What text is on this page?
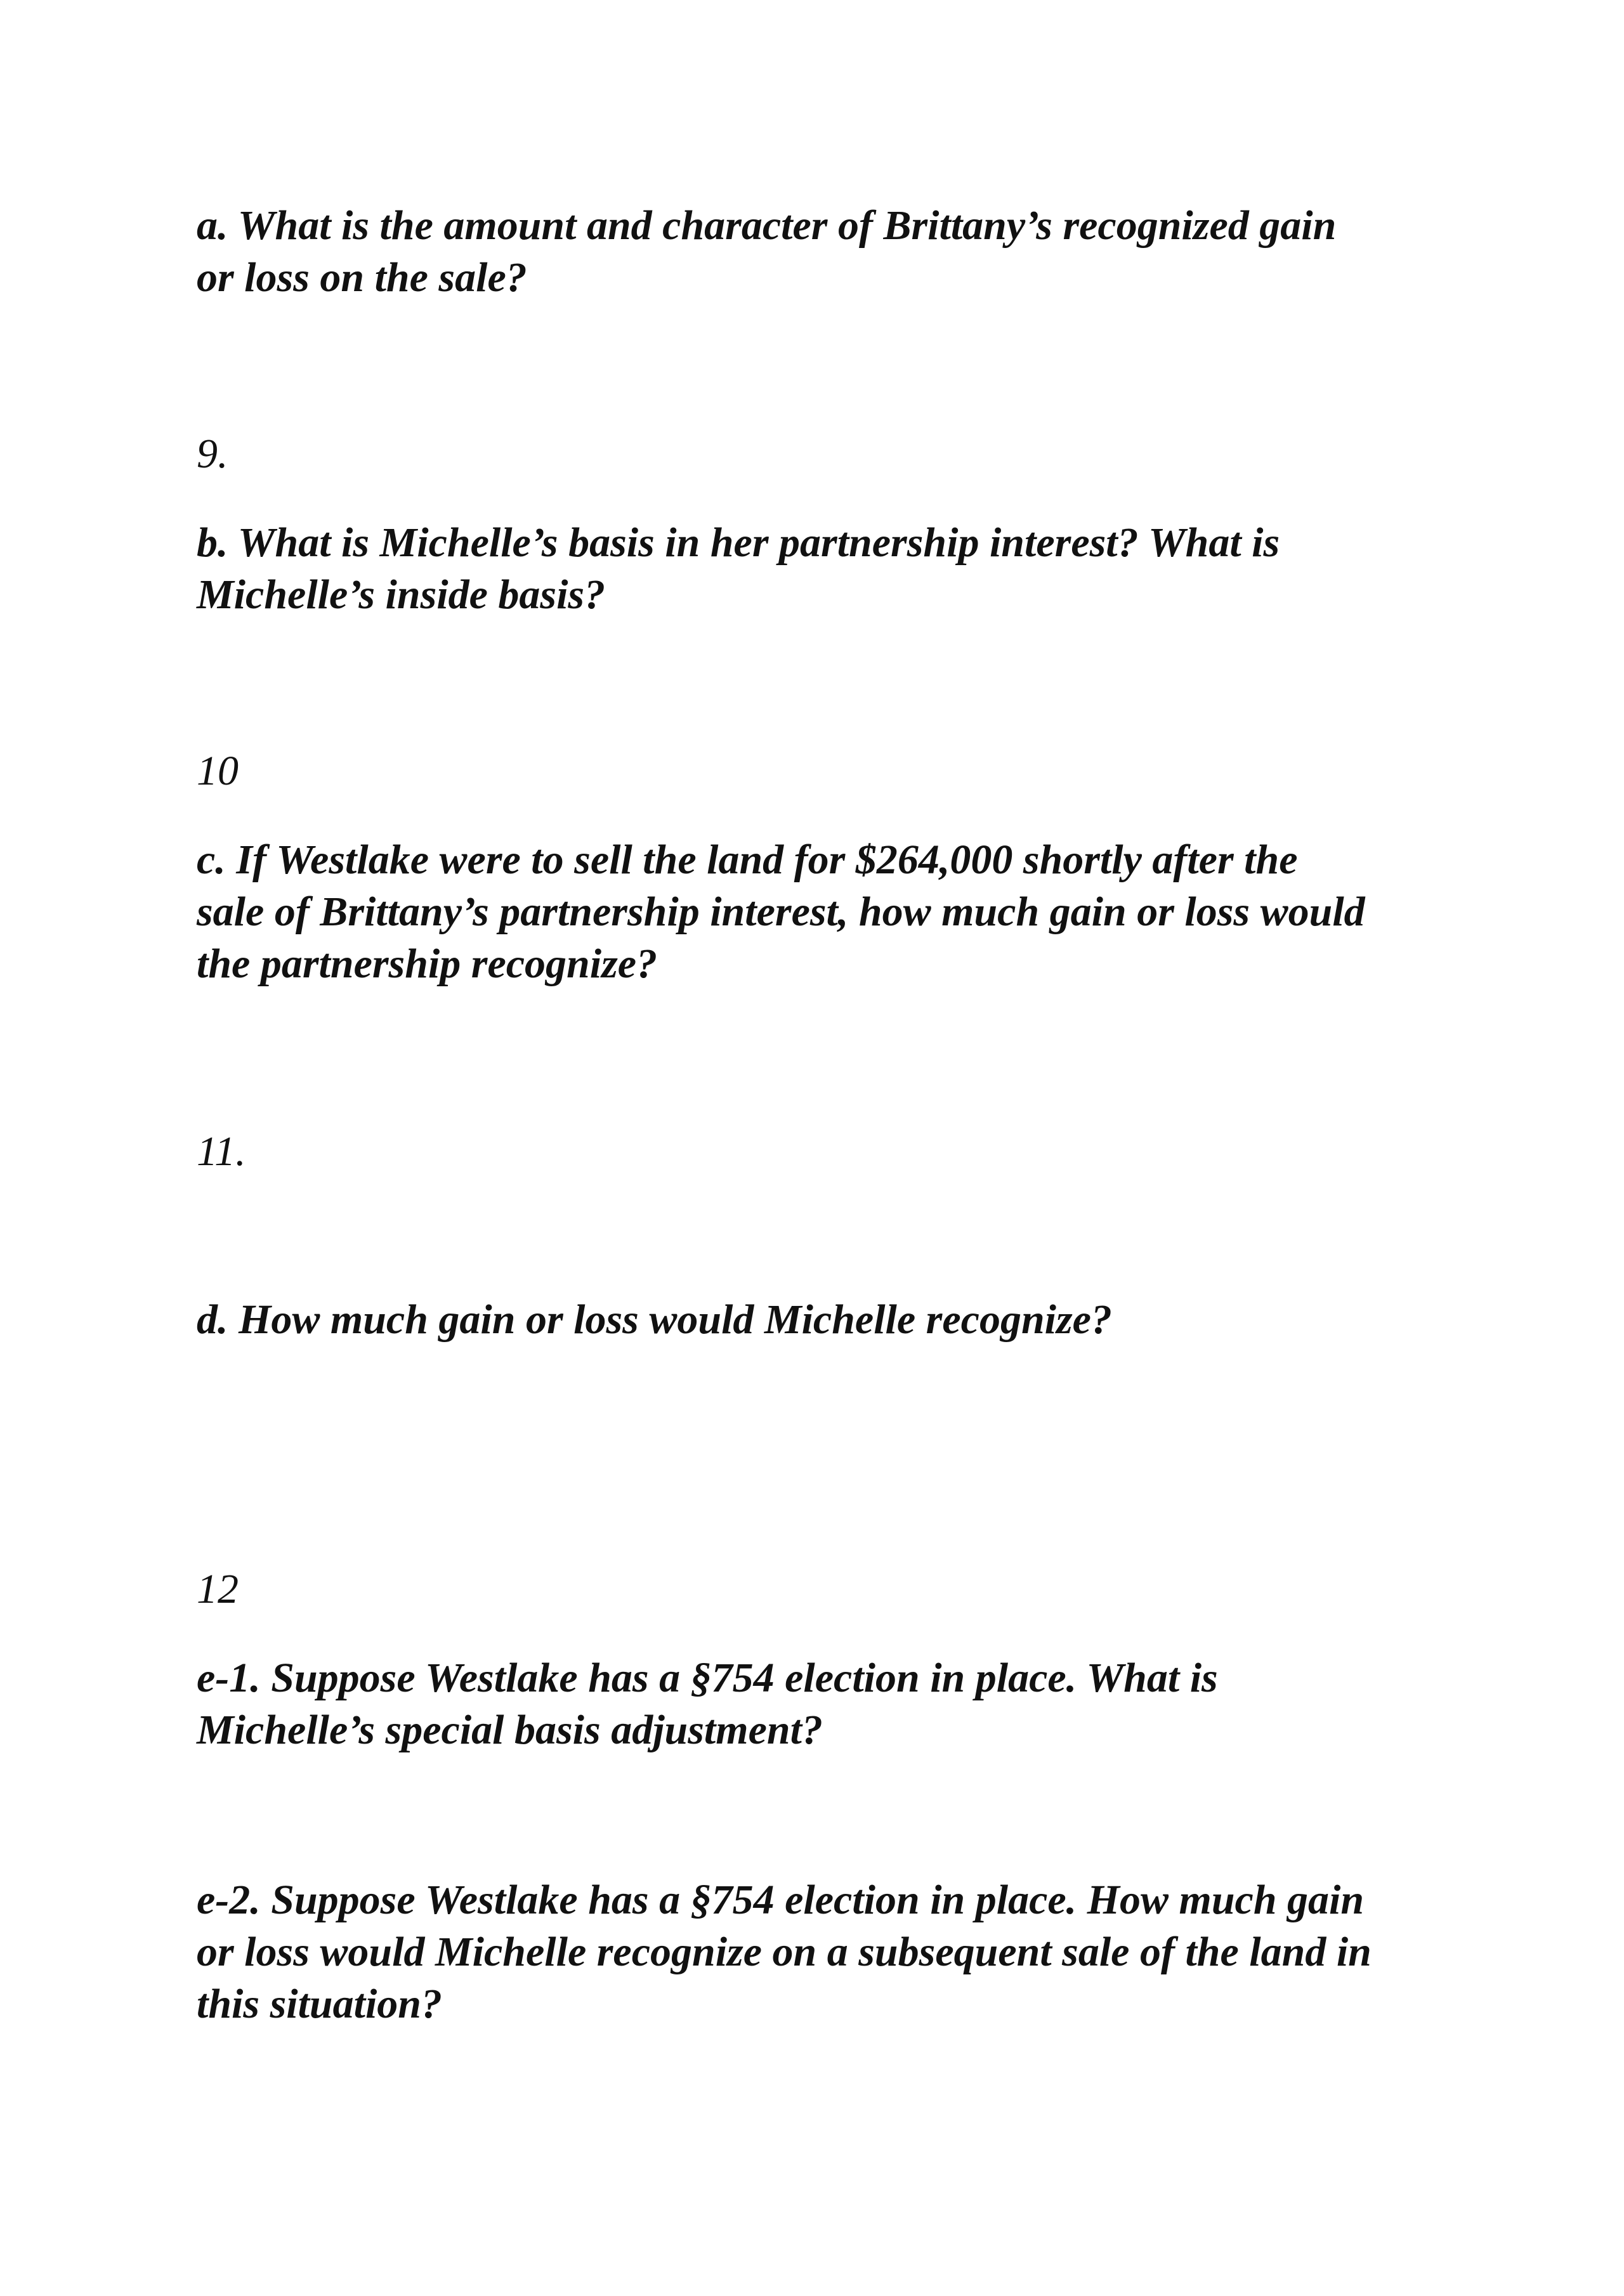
a. What is the amount and character of Brittany’s recognized gain
or loss on the sale?
9.
b. What is Michelle’s basis in her partnership interest? What is
Michelle’s inside basis?
10
c. If Westlake were to sell the land for $264,000 shortly after the
sale of Brittany’s partnership interest, how much gain or loss would
the partnership recognize?
11.
d. How much gain or loss would Michelle recognize?
12
e-1. Suppose Westlake has a §754 election in place. What is
Michelle’s special basis adjustment?
e-2. Suppose Westlake has a §754 election in place. How much gain
or loss would Michelle recognize on a subsequent sale of the land in
this situation?
